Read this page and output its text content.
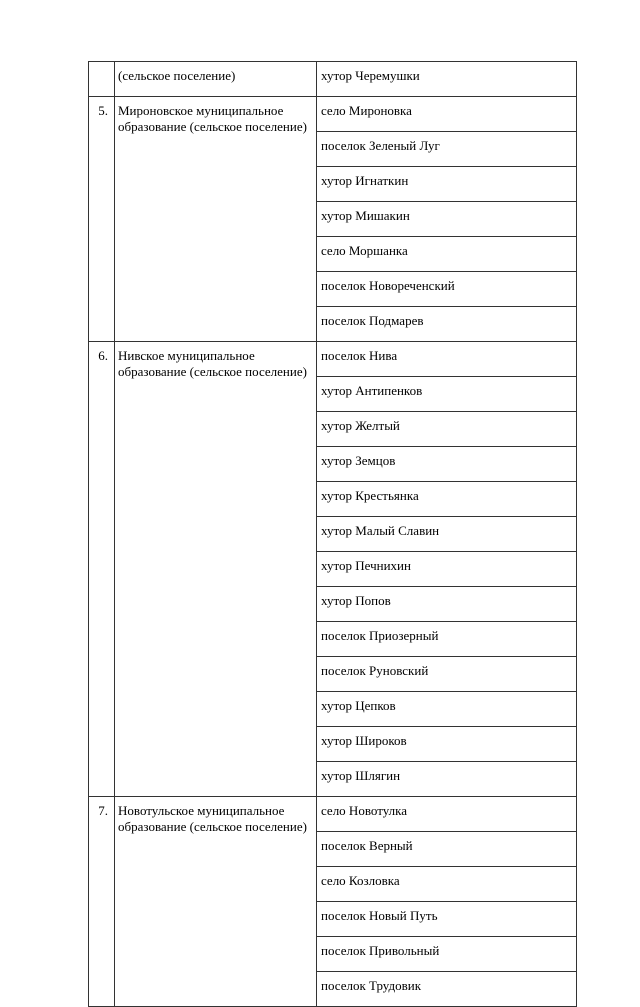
	(сельское поселение)	хутор Черемушки
5.	Мироновское муниципальное образование (сельское поселение)	село Мироновка
		поселок Зеленый Луг
		хутор Игнаткин
		хутор Мишакин
		село Моршанка
		поселок Новореченский
		поселок Подмарев
6.	Нивское муниципальное образование (сельское поселение)	поселок Нива
		хутор Антипенков
		хутор Желтый
		хутор Земцов
		хутор Крестьянка
		хутор Малый Славин
		хутор Печнихин
		хутор Попов
		поселок Приозерный
		поселок Руновский
		хутор Цепков
		хутор Широков
		хутор Шлягин
7.	Новотульское муниципальное образование (сельское поселение)	село Новотулка
		поселок Верный
		село Козловка
		поселок Новый Путь
		поселок Привольный
		поселок Трудовик
